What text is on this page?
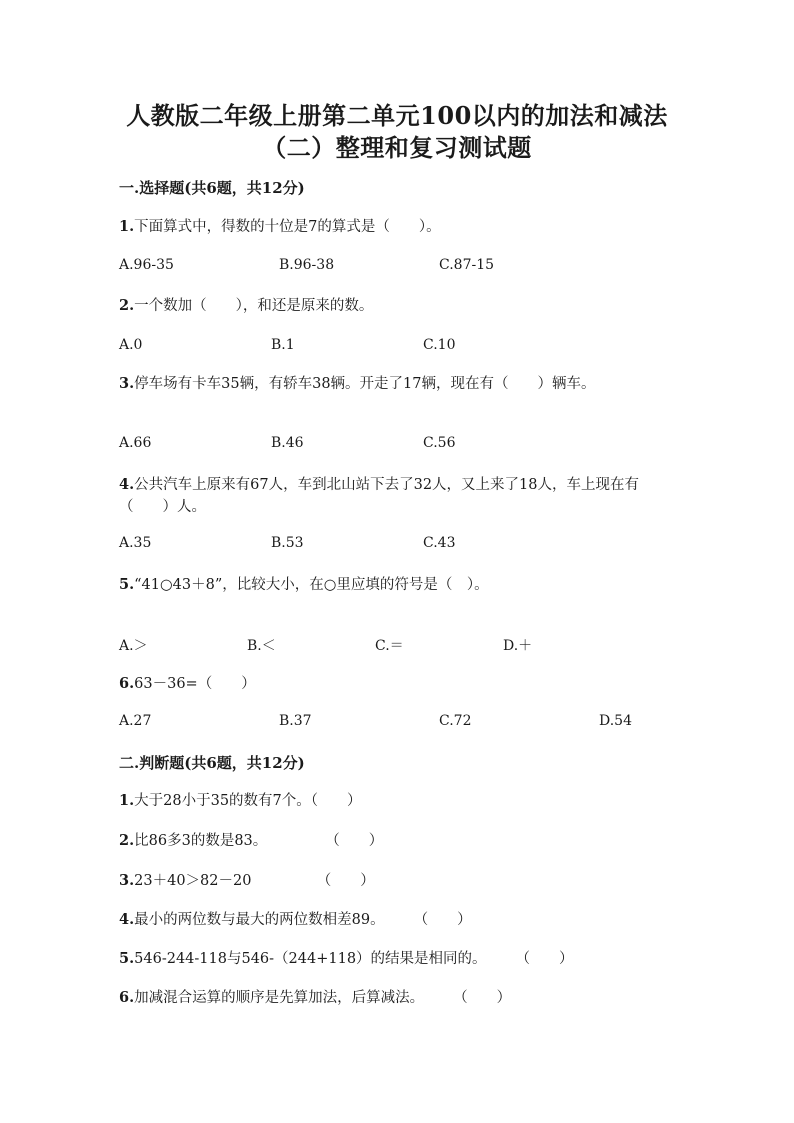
人教版二年级上册第二单元100以内的加法和减法
（二）整理和复习测试题
一.选择题(共6题，共12分)
1.下面算式中，得数的十位是7的算式是（　　）。
A.96-35	B.96-38	C.87-15
2.一个数加（　　），和还是原来的数。
A.0	B.1	C.10
3.停车场有卡车35辆，有轿车38辆。开走了17辆，现在有（　　）辆车。
A.66	B.46	C.56
4.公共汽车上原来有67人，车到北山站下去了32人，又上来了18人，车上现在有（　　）人。
A.35	B.53	C.43
5.“41○43＋8”，比较大小，在○里应填的符号是（　）。
A.＞	B.＜	C.＝	D.＋
6.63－36=（　　）
A.27	B.37	C.72	D.54
二.判断题(共6题，共12分)
1.大于28小于35的数有7个。（　　）
2.比86多3的数是83。　　　　　（　　）
3.23＋40＞82－20　　　　　（　　）
4.最小的两位数与最大的两位数相差89。　　　（　　）
5.546-244-118与546-（244+118）的结果是相同的。　　　（　　）
6.加减混合运算的顺序是先算加法，后算减法。　　　（　　）
